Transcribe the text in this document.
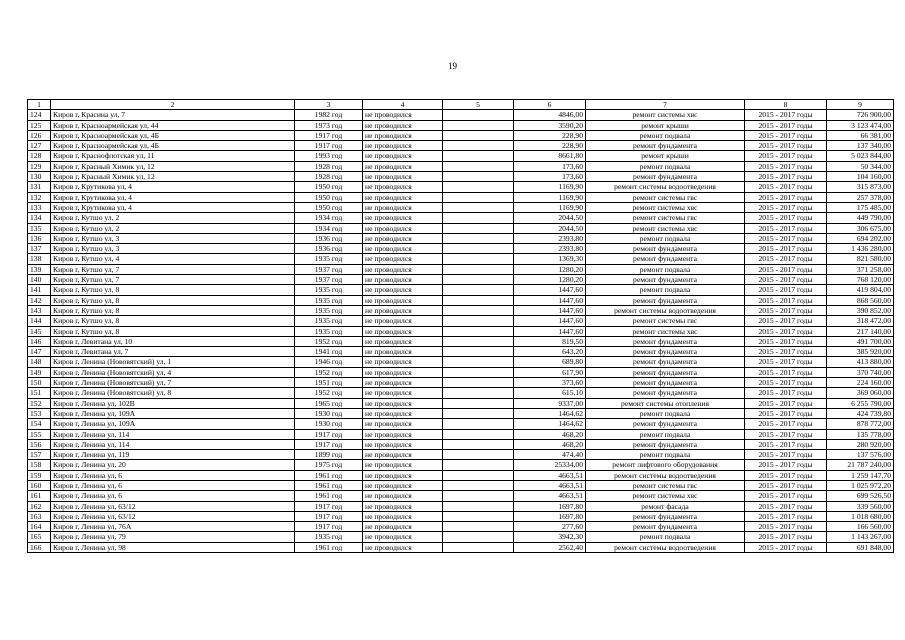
19
1	2	3	4	5	6	7	8	9
124	Киров г, Красина ул, 7	1982 год	не проводился		4846,00	ремонт системы хвс	2015 - 2017 годы	726 900,00
125	Киров г, Красноармейская ул, 44	1973 год	не проводился		3590,20	ремонт крыши	2015 - 2017 годы	3 123 474,00
126	Киров г, Красноармейская ул, 4Б	1917 год	не проводился		228,90	ремонт подвала	2015 - 2017 годы	66 381,00
127	Киров г, Красноармейская ул, 4Б	1917 год	не проводился		228,90	ремонт фундамента	2015 - 2017 годы	137 340,00
128	Киров г, Краснофлотская ул, 11	1993 год	не проводился		8661,80	ремонт крыши	2015 - 2017 годы	5 023 844,00
129	Киров г, Красный Химик ул, 12	1928 год	не проводился		173,60	ремонт подвала	2015 - 2017 годы	50 344,00
130	Киров г, Красный Химик ул, 12	1928 год	не проводился		173,60	ремонт фундамента	2015 - 2017 годы	104 160,00
131	Киров г, Крутикова ул, 4	1950 год	не проводился		1169,90	ремонт системы водоотведения	2015 - 2017 годы	315 873,00
132	Киров г, Крутикова ул, 4	1950 год	не проводился		1169,90	ремонт системы гвс	2015 - 2017 годы	257 378,00
133	Киров г, Крутикова ул, 4	1950 год	не проводился		1169,90	ремонт системы хвс	2015 - 2017 годы	175 485,00
134	Киров г, Кутшо ул, 2	1934 год	не проводился		2044,50	ремонт системы гвс	2015 - 2017 годы	449 790,00
135	Киров г, Кутшо ул, 2	1934 год	не проводился		2044,50	ремонт системы хвс	2015 - 2017 годы	306 675,00
136	Киров г, Кутшо ул, 3	1936 год	не проводился		2393,80	ремонт подвала	2015 - 2017 годы	694 202,00
137	Киров г, Кутшо ул, 3	1936 год	не проводился		2393,80	ремонт фундамента	2015 - 2017 годы	1 436 280,00
138	Киров г, Кутшо ул, 4	1935 год	не проводился		1369,30	ремонт фундамента	2015 - 2017 годы	821 580,00
139	Киров г, Кутшо ул, 7	1937 год	не проводился		1280,20	ремонт подвала	2015 - 2017 годы	371 258,00
140	Киров г, Кутшо ул, 7	1937 год	не проводился		1280,20	ремонт фундамента	2015 - 2017 годы	768 120,00
141	Киров г, Кутшо ул, 8	1935 год	не проводился		1447,60	ремонт подвала	2015 - 2017 годы	419 804,00
142	Киров г, Кутшо ул, 8	1935 год	не проводился		1447,60	ремонт фундамента	2015 - 2017 годы	868 560,00
143	Киров г, Кутшо ул, 8	1935 год	не проводился		1447,60	ремонт системы водоотведения	2015 - 2017 годы	390 852,00
144	Киров г, Кутшо ул, 8	1935 год	не проводился		1447,60	ремонт системы гвс	2015 - 2017 годы	318 472,00
145	Киров г, Кутшо ул, 8	1935 год	не проводился		1447,60	ремонт системы хвс	2015 - 2017 годы	217 140,00
146	Киров г, Левитана ул, 10	1952 год	не проводился		819,50	ремонт фундамента	2015 - 2017 годы	491 700,00
147	Киров г, Левитана ул, 7	1941 год	не проводился		643,20	ремонт фундамента	2015 - 2017 годы	385 920,00
148	Киров г, Ленина (Нововятский) ул, 1	1946 год	не проводился		689,80	ремонт фундамента	2015 - 2017 годы	413 880,00
149	Киров г, Ленина (Нововятский) ул, 4	1952 год	не проводился		617,90	ремонт фундамента	2015 - 2017 годы	370 740,00
150	Киров г, Ленина (Нововятский) ул, 7	1951 год	не проводился		373,60	ремонт фундамента	2015 - 2017 годы	224 160,00
151	Киров г, Ленина (Нововятский) ул, 8	1952 год	не проводился		615,10	ремонт фундамента	2015 - 2017 годы	369 060,00
152	Киров г, Ленина ул, 102В	1965 год	не проводился		9337,00	ремонт системы отопления	2015 - 2017 годы	6 255 790,00
153	Киров г, Ленина ул, 109А	1930 год	не проводился		1464,62	ремонт подвала	2015 - 2017 годы	424 739,80
154	Киров г, Ленина ул, 109А	1930 год	не проводился		1464,62	ремонт фундамента	2015 - 2017 годы	878 772,00
155	Киров г, Ленина ул, 114	1917 год	не проводился		468,20	ремонт подвала	2015 - 2017 годы	135 778,00
156	Киров г, Ленина ул, 114	1917 год	не проводился		468,20	ремонт фундамента	2015 - 2017 годы	280 920,00
157	Киров г, Ленина ул, 119	1899 год	не проводился		474,40	ремонт подвала	2015 - 2017 годы	137 576,00
158	Киров г, Ленина ул, 20	1975 год	не проводился		25334,00	ремонт лифтового оборудования	2015 - 2017 годы	21 787 240,00
159	Киров г, Ленина ул, 6	1961 год	не проводился		4663,51	ремонт системы водоотведения	2015 - 2017 годы	1 259 147,70
160	Киров г, Ленина ул, 6	1961 год	не проводился		4663,51	ремонт системы гвс	2015 - 2017 годы	1 025 972,20
161	Киров г, Ленина ул, 6	1961 год	не проводился		4663,51	ремонт системы хвс	2015 - 2017 годы	699 526,50
162	Киров г, Ленина ул, 63/12	1917 год	не проводился		1697,80	ремонт фасада	2015 - 2017 годы	339 560,00
163	Киров г, Ленина ул, 63/12	1917 год	не проводился		1697,80	ремонт фундамента	2015 - 2017 годы	1 018 680,00
164	Киров г, Ленина ул, 76А	1917 год	не проводился		277,60	ремонт фундамента	2015 - 2017 годы	166 560,00
165	Киров г, Ленина ул, 79	1935 год	не проводился		3942,30	ремонт подвала	2015 - 2017 годы	1 143 267,00
166	Киров г, Ленина ул, 98	1961 год	не проводился		2562,40	ремонт системы водоотведения	2015 - 2017 годы	691 848,00
